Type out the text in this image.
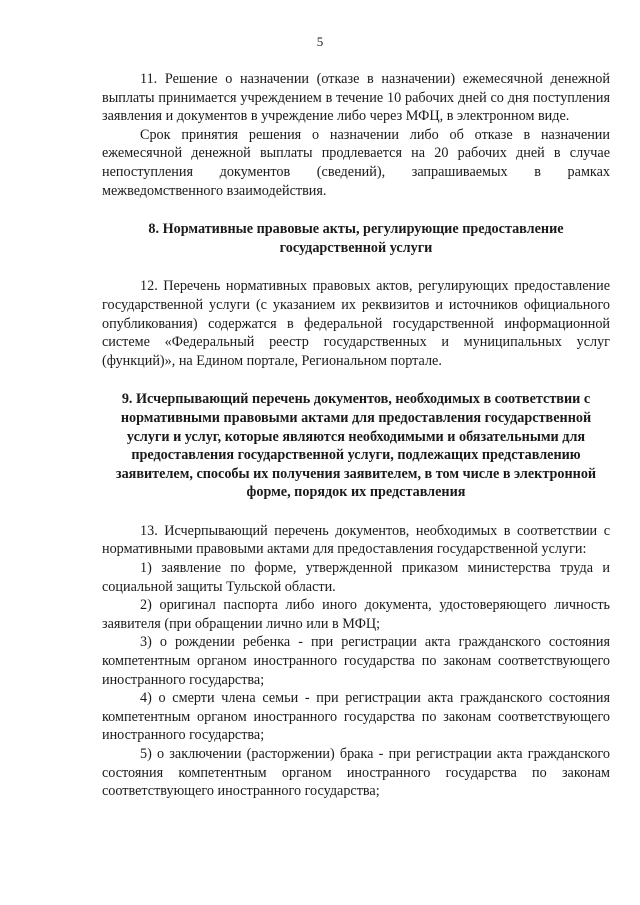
5

11. Решение о назначении (отказе в назначении) ежемесячной денежной выплаты принимается учреждением в течение 10 рабочих дней со дня поступления заявления и документов в учреждение либо через МФЦ, в электронном виде.

Срок принятия решения о назначении либо об отказе в назначении ежемесячной денежной выплаты продлевается на 20 рабочих дней в случае непоступления документов (сведений), запрашиваемых в рамках межведомственного взаимодействия.

8. Нормативные правовые акты, регулирующие предоставление государственной услуги

12. Перечень нормативных правовых актов, регулирующих предоставление государственной услуги (с указанием их реквизитов и источников официального опубликования) содержатся в федеральной государственной информационной системе «Федеральный реестр государственных и муниципальных услуг (функций)», на Едином портале, Региональном портале.

9. Исчерпывающий перечень документов, необходимых в соответствии с нормативными правовыми актами для предоставления государственной услуги и услуг, которые являются необходимыми и обязательными для предоставления государственной услуги, подлежащих представлению заявителем, способы их получения заявителем, в том числе в электронной форме, порядок их представления

13. Исчерпывающий перечень документов, необходимых в соответствии с нормативными правовыми актами для предоставления государственной услуги:

1) заявление по форме, утвержденной приказом министерства труда и социальной защиты Тульской области.

2) оригинал паспорта либо иного документа, удостоверяющего личность заявителя (при обращении лично или в МФЦ;

3) о рождении ребенка - при регистрации акта гражданского состояния компетентным органом иностранного государства по законам соответствующего иностранного государства;

4) о смерти члена семьи - при регистрации акта гражданского состояния компетентным органом иностранного государства по законам соответствующего иностранного государства;

5) о заключении (расторжении) брака - при регистрации акта гражданского состояния компетентным органом иностранного государства по законам соответствующего иностранного государства;
